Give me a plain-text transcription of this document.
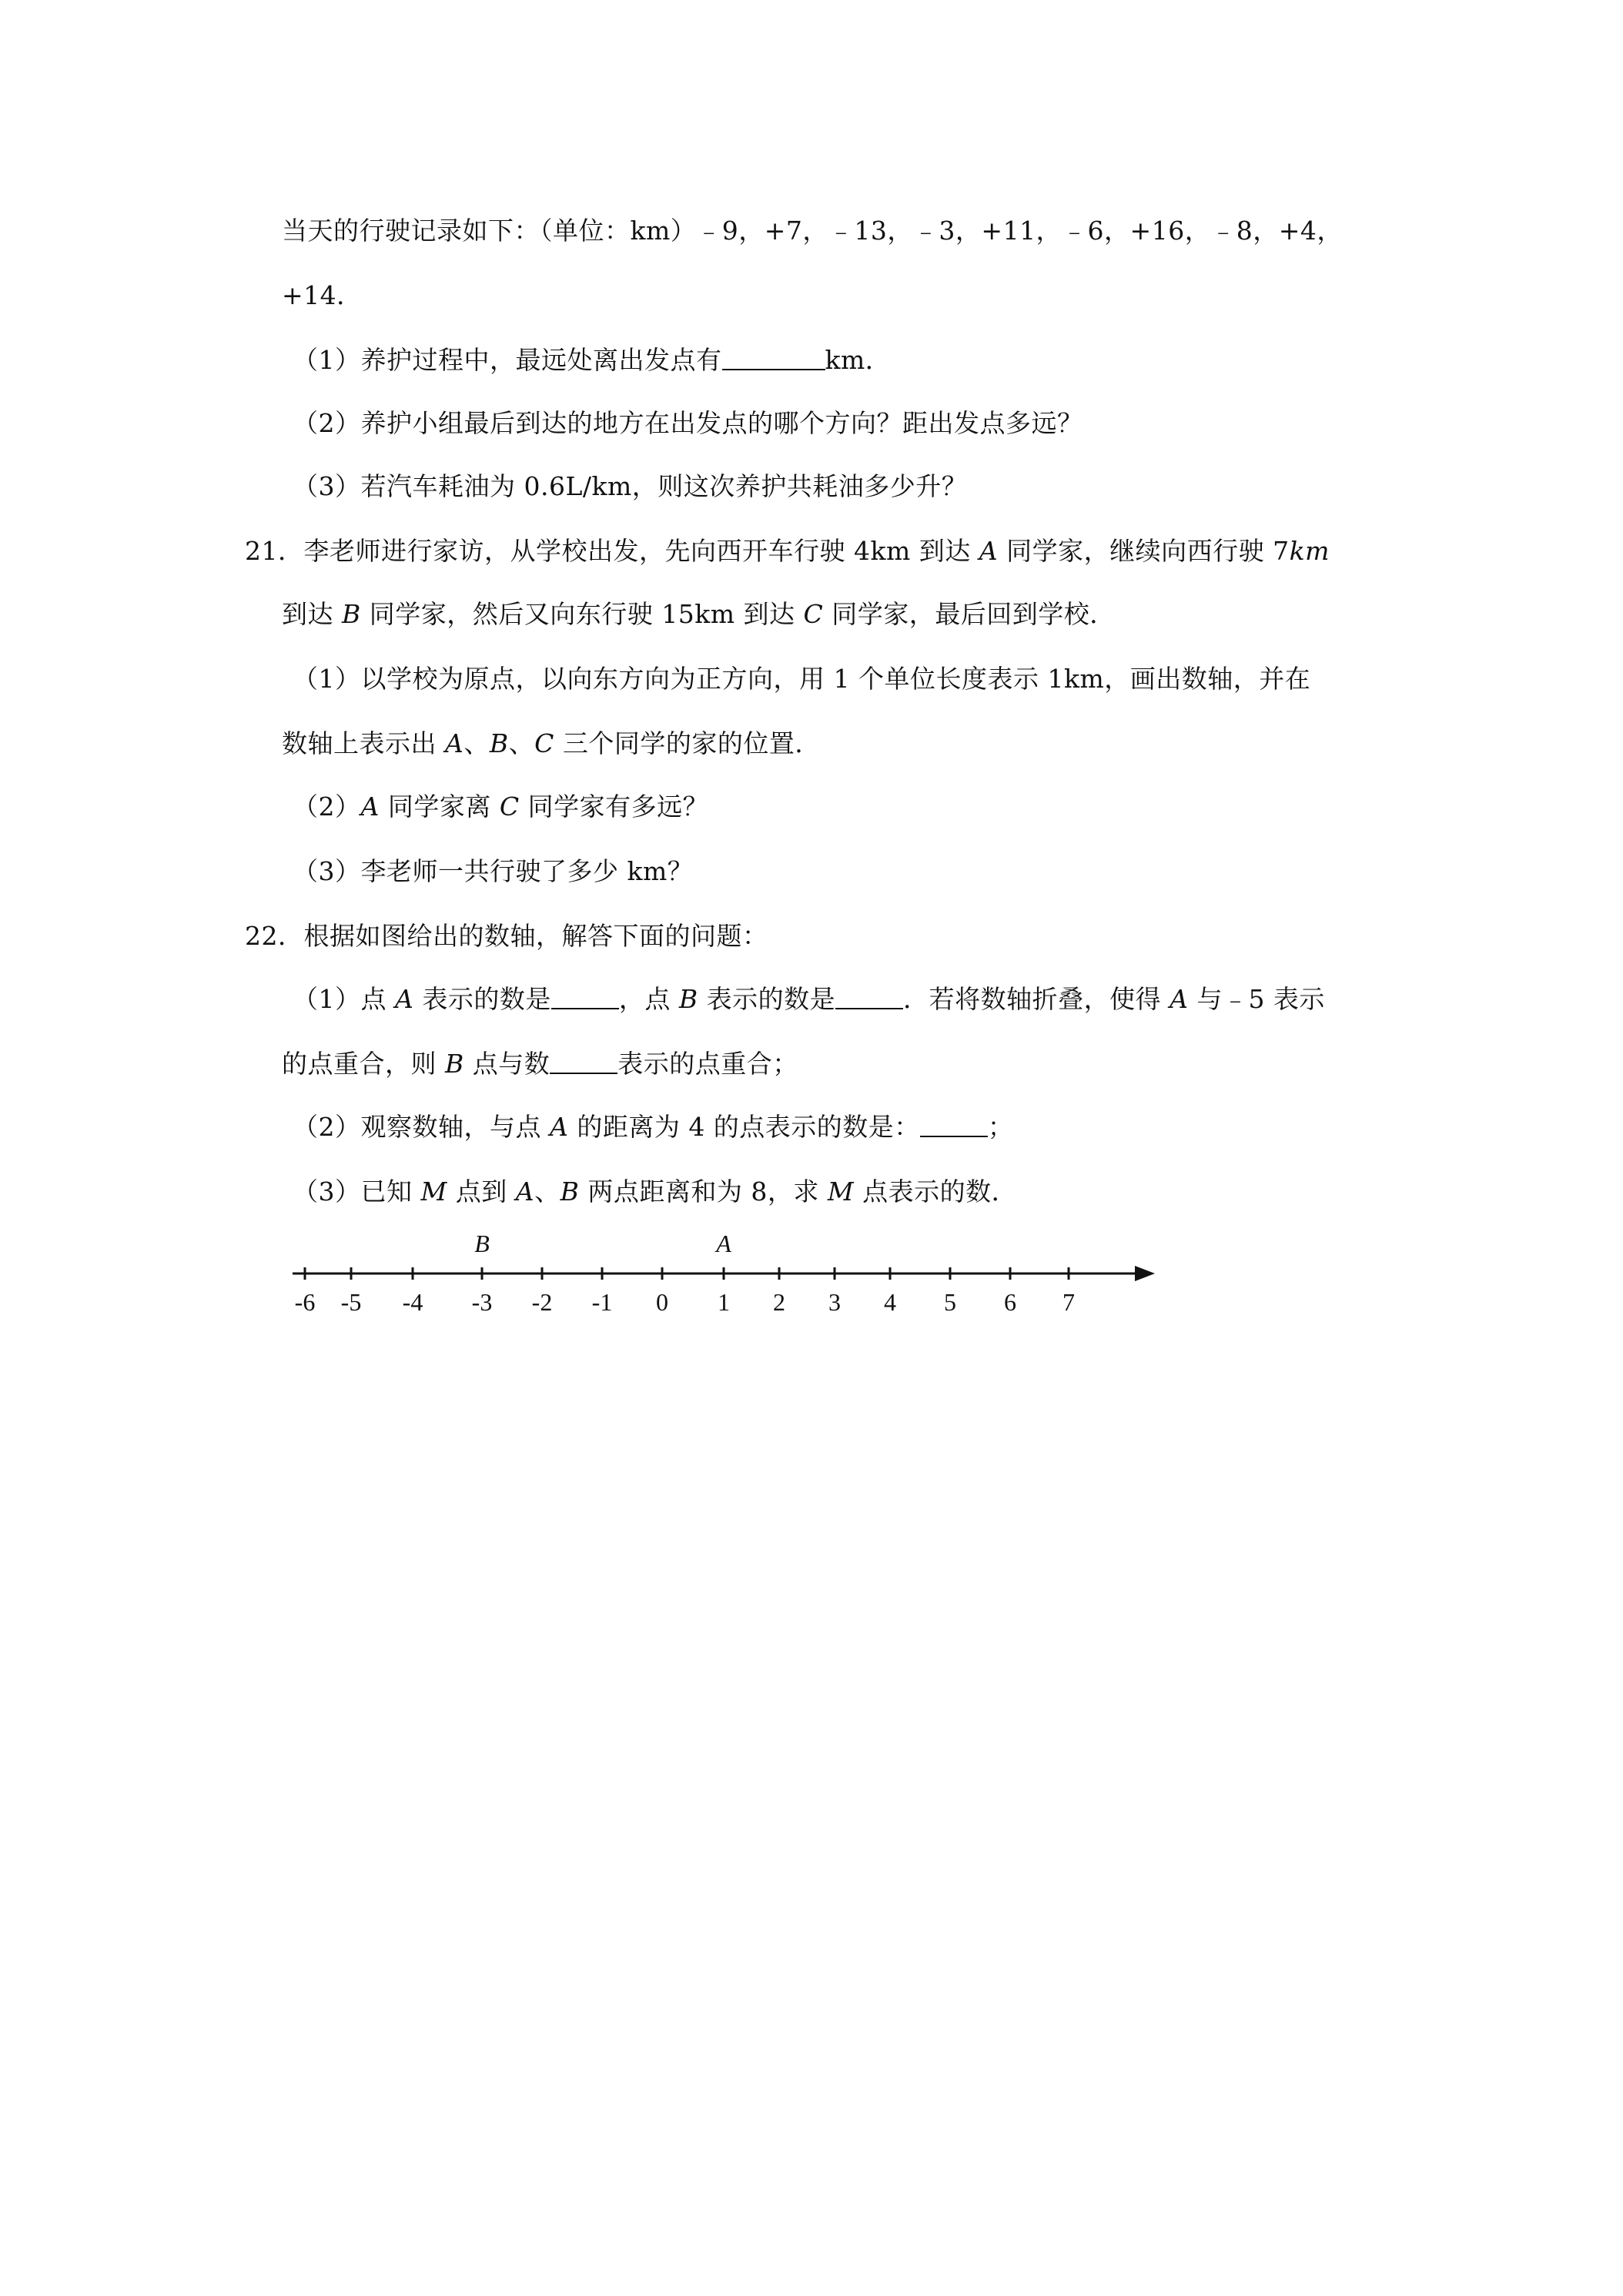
当天的行驶记录如下：（单位：km）﹣9，+7，﹣13，﹣3，+11，﹣6，+16，﹣8，+4，
+14．
（1）养护过程中，最远处离出发点有	km．
（2）养护小组最后到达的地方在出发点的哪个方向？距出发点多远？
（3）若汽车耗油为 0.6L/km，则这次养护共耗油多少升？
21．李老师进行家访，从学校出发，先向西开车行驶 4km 到达 A 同学家，继续向西行驶 7km
到达 B 同学家，然后又向东行驶 15km 到达 C 同学家，最后回到学校．
（1）以学校为原点，以向东方向为正方向，用 1 个单位长度表示 1km，画出数轴，并在
数轴上表示出 A、B、C 三个同学的家的位置．
（2）A 同学家离 C 同学家有多远？
（3）李老师一共行驶了多少 km？
22．根据如图给出的数轴，解答下面的问题：
（1）点 A 表示的数是	，点 B 表示的数是	．若将数轴折叠，使得 A 与﹣5 表示
的点重合，则 B 点与数	表示的点重合；
（2）观察数轴，与点 A 的距离为 4 的点表示的数是：	；
（3）已知 M 点到 A、B 两点距离和为 8，求 M 点表示的数．
-6 -5 -4 -3 -2 -1 0 1 2 3 4 5 6 7
B	A
